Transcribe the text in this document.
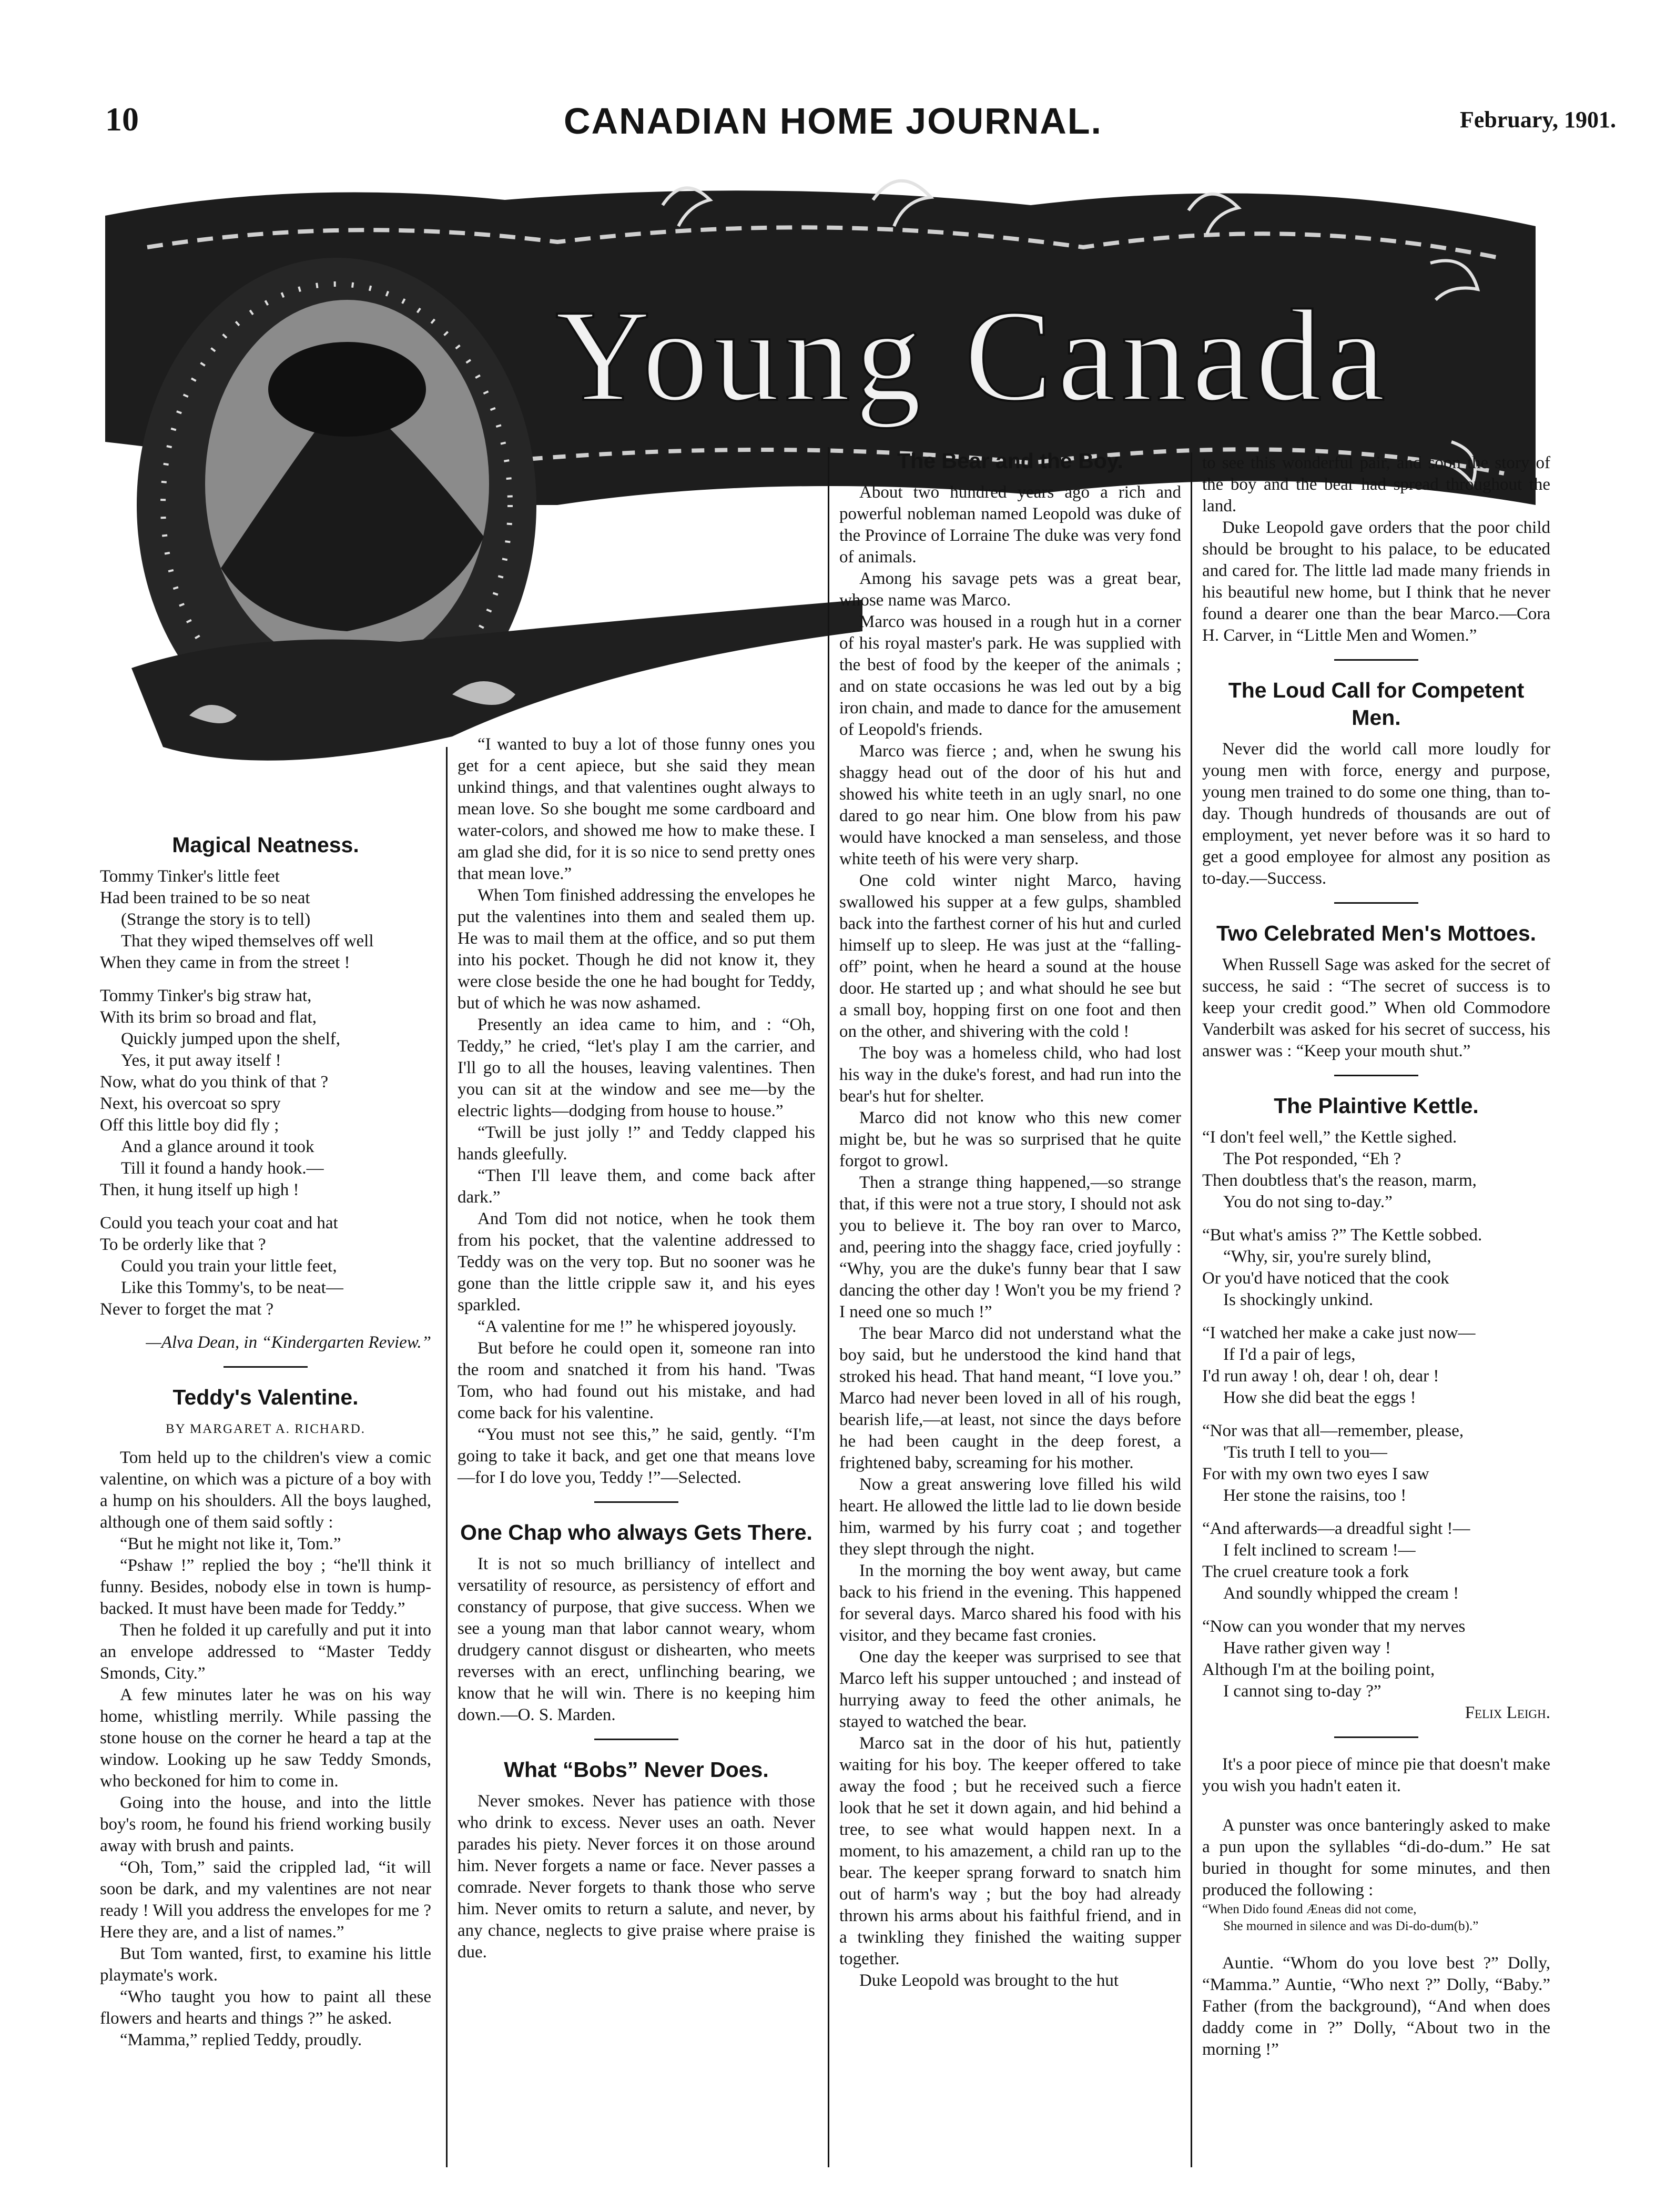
10	CANADIAN HOME JOURNAL.	February, 1901.
Young Canada
Magical Neatness.
Tommy Tinker's little feet
Had been trained to be so neat
(Strange the story is to tell)
That they wiped themselves off well
When they came in from the street !
Tommy Tinker's big straw hat,
With its brim so broad and flat,
Quickly jumped upon the shelf,
Yes, it put away itself !
Now, what do you think of that ?
Next, his overcoat so spry
Off this little boy did fly ;
And a glance around it took
Till it found a handy hook.—
Then, it hung itself up high !
Could you teach your coat and hat
To be orderly like that ?
Could you train your little feet,
Like this Tommy's, to be neat—
Never to forget the mat ?

—Alva Dean, in “Kindergarten Review.”

Teddy's Valentine.

BY MARGARET A. RICHARD.

Tom held up to the children's view a comic valentine, on which was a picture of a boy with a hump on his shoulders. All the boys laughed, although one of them said softly :

“But he might not like it, Tom.”

“Pshaw !” replied the boy ; “he'll think it funny. Besides, nobody else in town is hump-backed. It must have been made for Teddy.”

Then he folded it up carefully and put it into an envelope addressed to “Master Teddy Smonds, City.”

A few minutes later he was on his way home, whistling merrily. While passing the stone house on the corner he heard a tap at the window. Looking up he saw Teddy Smonds, who beckoned for him to come in.

Going into the house, and into the little boy's room, he found his friend working busily away with brush and paints.

“Oh, Tom,” said the crippled lad, “it will soon be dark, and my valentines are not near ready ! Will you address the envelopes for me ? Here they are, and a list of names.”

But Tom wanted, first, to examine his little playmate's work.

“Who taught you how to paint all these flowers and hearts and things ?” he asked.

“Mamma,” replied Teddy, proudly.

“I wanted to buy a lot of those funny ones you get for a cent apiece, but she said they mean unkind things, and that valentines ought always to mean love. So she bought me some cardboard and water-colors, and showed me how to make these. I am glad she did, for it is so nice to send pretty ones that mean love.”

When Tom finished addressing the envelopes he put the valentines into them and sealed them up. He was to mail them at the office, and so put them into his pocket. Though he did not know it, they were close beside the one he had bought for Teddy, but of which he was now ashamed.

Presently an idea came to him, and : “Oh, Teddy,” he cried, “let's play I am the carrier, and I'll go to all the houses, leaving valentines. Then you can sit at the window and see me—by the electric lights—dodging from house to house.”

“Twill be just jolly !” and Teddy clapped his hands gleefully.

“Then I'll leave them, and come back after dark.”

And Tom did not notice, when he took them from his pocket, that the valentine addressed to Teddy was on the very top. But no sooner was he gone than the little cripple saw it, and his eyes sparkled.

“A valentine for me !” he whispered joyously.

But before he could open it, someone ran into the room and snatched it from his hand. 'Twas Tom, who had found out his mistake, and had come back for his valentine.

“You must not see this,” he said, gently. “I'm going to take it back, and get one that means love—for I do love you, Teddy !”—Selected.

One Chap who always Gets There.

It is not so much brilliancy of intellect and versatility of resource, as persistency of effort and constancy of purpose, that give success. When we see a young man that labor cannot weary, whom drudgery cannot disgust or dishearten, who meets reverses with an erect, unflinching bearing, we know that he will win. There is no keeping him down.—O. S. Marden.

What “Bobs” Never Does.

Never smokes. Never has patience with those who drink to excess. Never uses an oath. Never parades his piety. Never forces it on those around him. Never forgets a name or face. Never passes a comrade. Never forgets to thank those who serve him. Never omits to return a salute, and never, by any chance, neglects to give praise where praise is due.

The Bear and the Boy.

About two hundred years ago a rich and powerful nobleman named Leopold was duke of the Province of Lorraine The duke was very fond of animals.

Among his savage pets was a great bear, whose name was Marco.

Marco was housed in a rough hut in a corner of his royal master's park. He was supplied with the best of food by the keeper of the animals ; and on state occasions he was led out by a big iron chain, and made to dance for the amusement of Leopold's friends.

Marco was fierce ; and, when he swung his shaggy head out of the door of his hut and showed his white teeth in an ugly snarl, no one dared to go near him. One blow from his paw would have knocked a man senseless, and those white teeth of his were very sharp.

One cold winter night Marco, having swallowed his supper at a few gulps, shambled back into the farthest corner of his hut and curled himself up to sleep. He was just at the “falling-off” point, when he heard a sound at the house door. He started up ; and what should he see but a small boy, hopping first on one foot and then on the other, and shivering with the cold !

The boy was a homeless child, who had lost his way in the duke's forest, and had run into the bear's hut for shelter.

Marco did not know who this new comer might be, but he was so surprised that he quite forgot to growl.

Then a strange thing happened,—so strange that, if this were not a true story, I should not ask you to believe it. The boy ran over to Marco, and, peering into the shaggy face, cried joyfully : “Why, you are the duke's funny bear that I saw dancing the other day ! Won't you be my friend ? I need one so much !”

The bear Marco did not understand what the boy said, but he understood the kind hand that stroked his head. That hand meant, “I love you.” Marco had never been loved in all of his rough, bearish life,—at least, not since the days before he had been caught in the deep forest, a frightened baby, screaming for his mother.

Now a great answering love filled his wild heart. He allowed the little lad to lie down beside him, warmed by his furry coat ; and together they slept through the night.

In the morning the boy went away, but came back to his friend in the evening. This happened for several days. Marco shared his food with his visitor, and they became fast cronies.

One day the keeper was surprised to see that Marco left his supper untouched ; and instead of hurrying away to feed the other animals, he stayed to watched the bear.

Marco sat in the door of his hut, patiently waiting for his boy. The keeper offered to take away the food ; but he received such a fierce look that he set it down again, and hid behind a tree, to see what would happen next. In a moment, to his amazement, a child ran up to the bear. The keeper sprang forward to snatch him out of harm's way ; but the boy had already thrown his arms about his faithful friend, and in a twinkling they finished the waiting supper together.

Duke Leopold was brought to the hut

to see this wonderful pair, and soon the story of the boy and the bear had spread throughout the land.

Duke Leopold gave orders that the poor child should be brought to his palace, to be educated and cared for. The little lad made many friends in his beautiful new home, but I think that he never found a dearer one than the bear Marco.—Cora H. Carver, in “Little Men and Women.”

The Loud Call for Competent Men.

Never did the world call more loudly for young men with force, energy and purpose, young men trained to do some one thing, than to-day. Though hundreds of thousands are out of employment, yet never before was it so hard to get a good employee for almost any position as to-day.—Success.

Two Celebrated Men's Mottoes.

When Russell Sage was asked for the secret of success, he said : “The secret of success is to keep your credit good.” When old Commodore Vanderbilt was asked for his secret of success, his answer was : “Keep your mouth shut.”

The Plaintive Kettle.
“I don't feel well,” the Kettle sighed.
The Pot responded, “Eh ?
Then doubtless that's the reason, marm,
You do not sing to-day.”
“But what's amiss ?” The Kettle sobbed.
“Why, sir, you're surely blind,
Or you'd have noticed that the cook
Is shockingly unkind.
“I watched her make a cake just now—
If I'd a pair of legs,
I'd run away ! oh, dear ! oh, dear !
How she did beat the eggs !
“Nor was that all—remember, please,
'Tis truth I tell to you—
For with my own two eyes I saw
Her stone the raisins, too !
“And afterwards—a dreadful sight !—
I felt inclined to scream !—
The cruel creature took a fork
And soundly whipped the cream !
“Now can you wonder that my nerves
Have rather given way !
Although I'm at the boiling point,
I cannot sing to-day ?”

Felix Leigh.

It's a poor piece of mince pie that doesn't make you wish you hadn't eaten it.

A punster was once banteringly asked to make a pun upon the syllables “di-do-dum.” He sat buried in thought for some minutes, and then produced the following :

“When Dido found Æneas did not come,

She mourned in silence and was Di-do-dum(b).”

Auntie. “Whom do you love best ?” Dolly, “Mamma.” Auntie, “Who next ?” Dolly, “Baby.” Father (from the background), “And when does daddy come in ?” Dolly, “About two in the morning !”
